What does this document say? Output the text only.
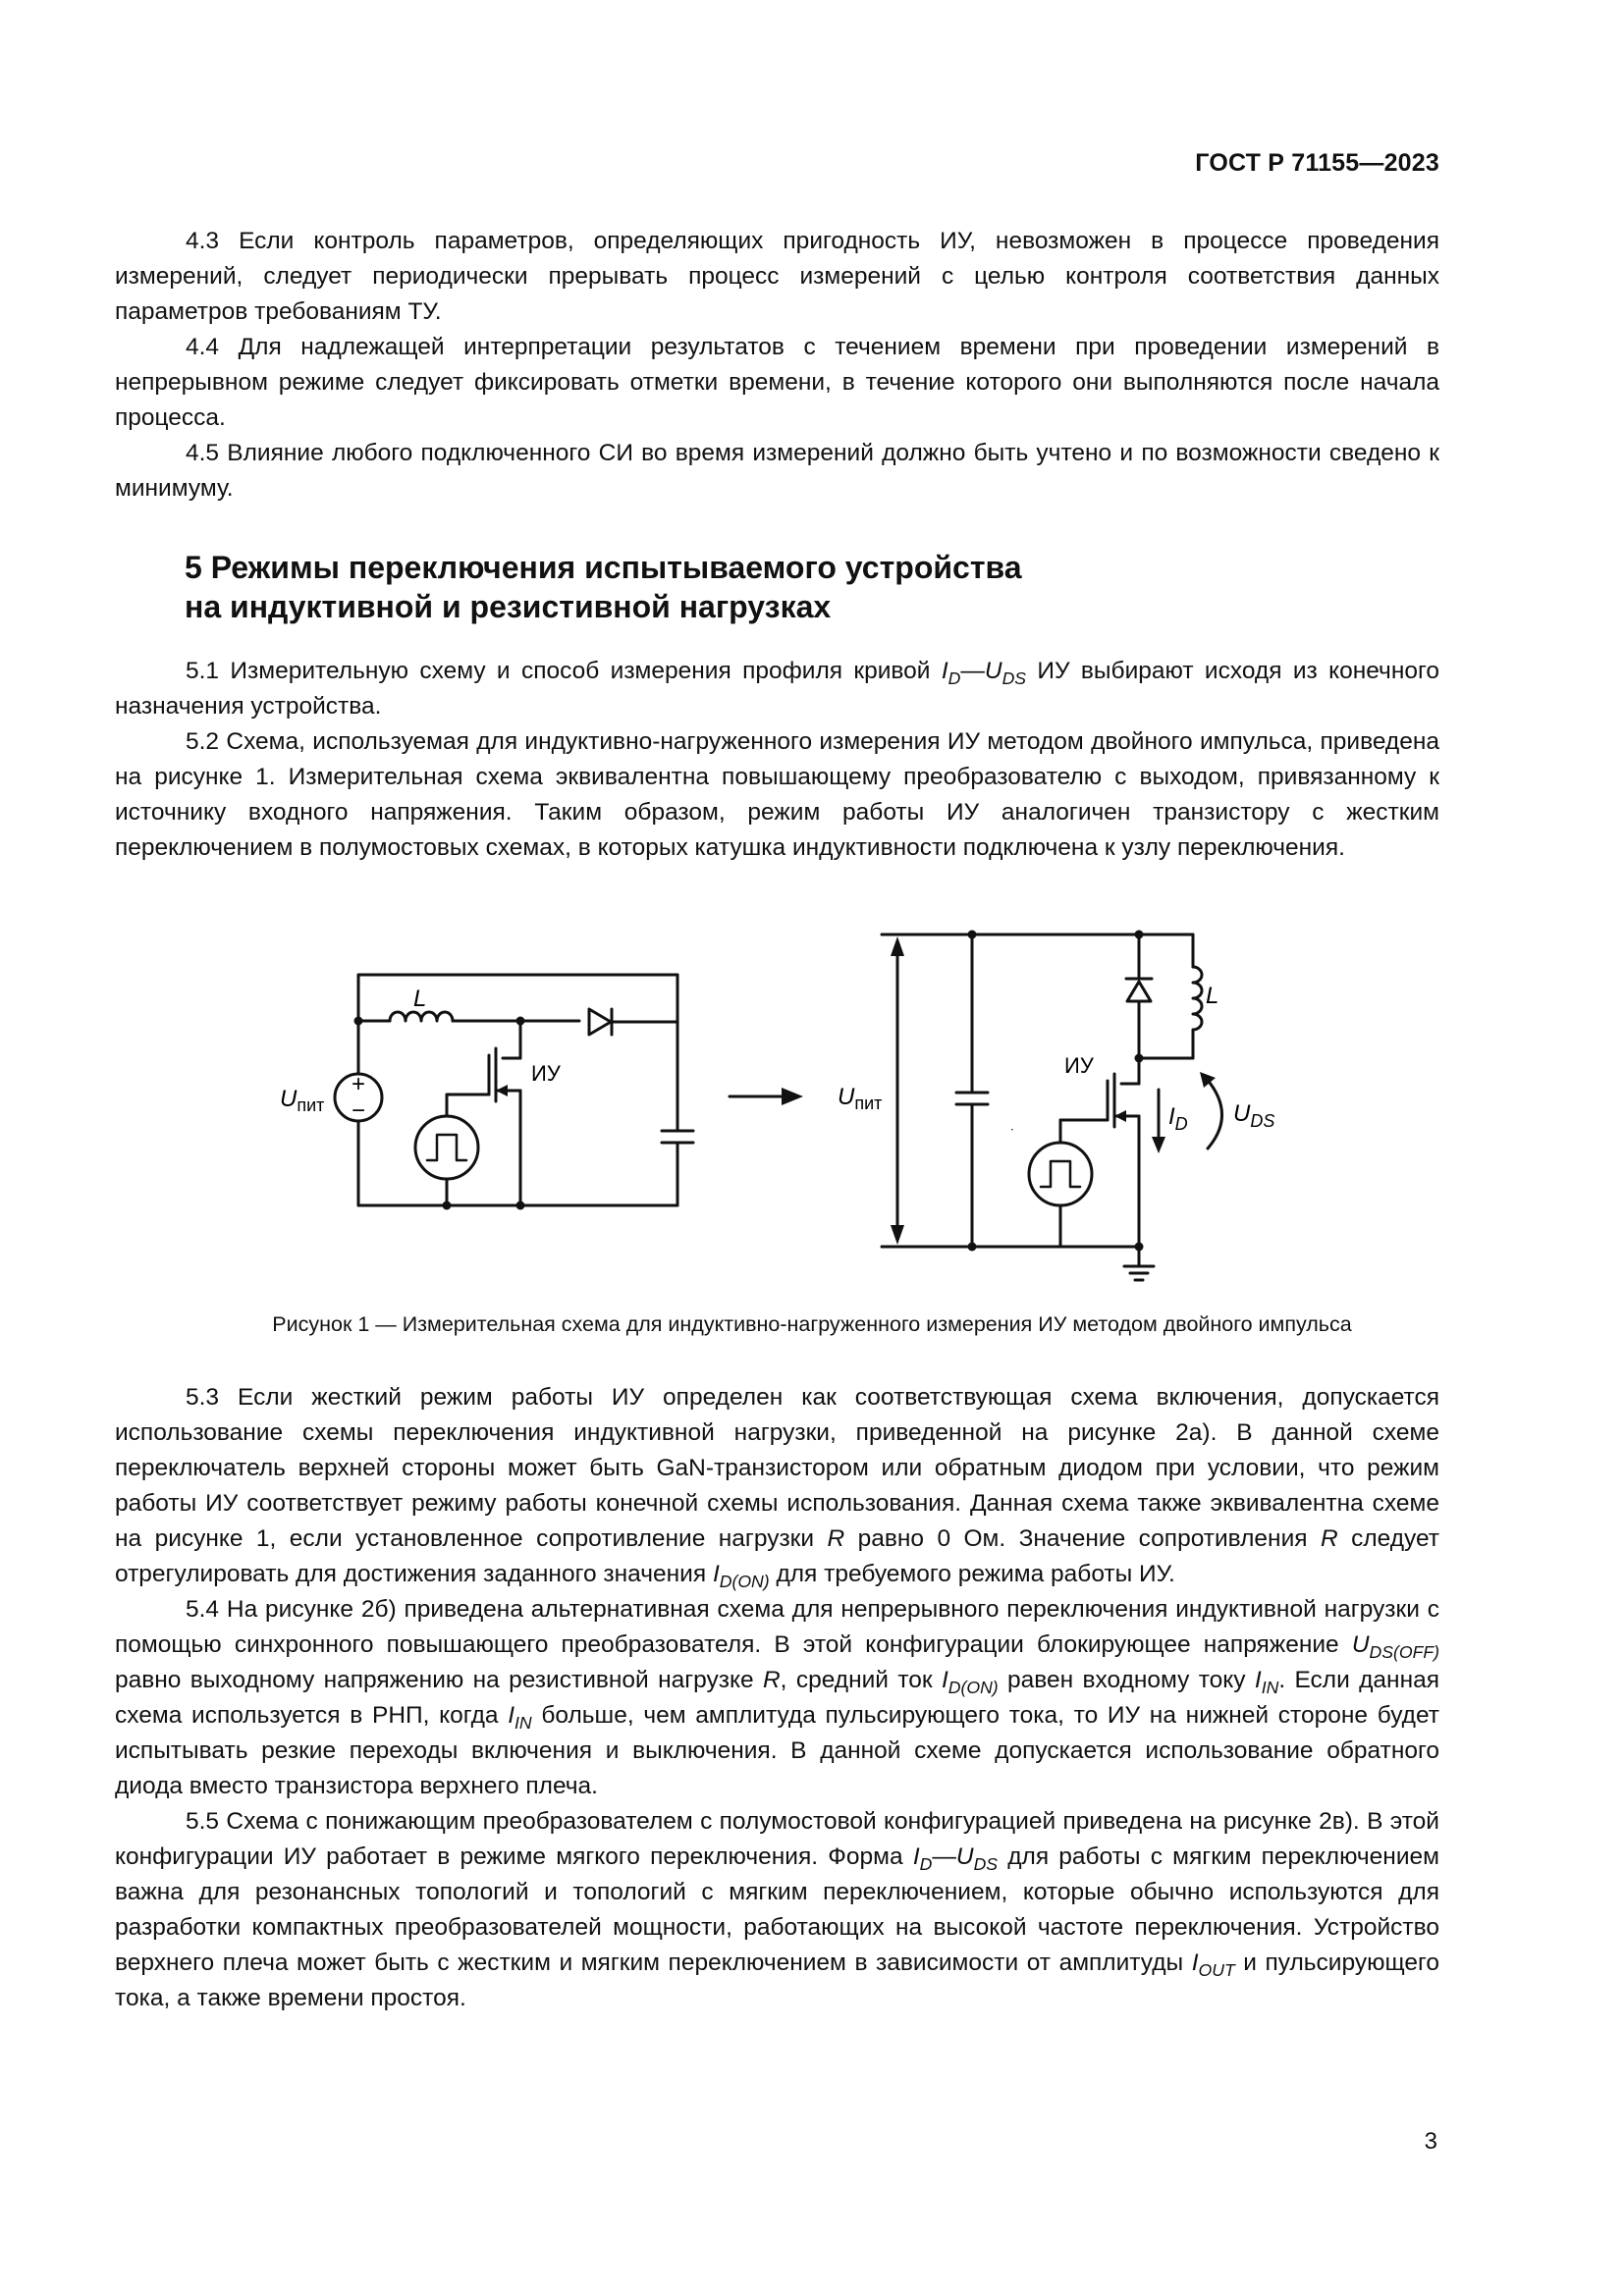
ГОСТ Р 71155—2023

4.3 Если контроль параметров, определяющих пригодность ИУ, невозможен в процессе проведения измерений, следует периодически прерывать процесс измерений с целью контроля соответствия данных параметров требованиям ТУ.

4.4 Для надлежащей интерпретации результатов с течением времени при проведении измерений в непрерывном режиме следует фиксировать отметки времени, в течение которого они выполняются после начала процесса.

4.5 Влияние любого подключенного СИ во время измерений должно быть учтено и по возможности сведено к минимуму.

5 Режимы переключения испытываемого устройства
на индуктивной и резистивной нагрузках

5.1 Измерительную схему и способ измерения профиля кривой $I_D—U_{DS}$ ИУ выбирают исходя из конечного назначения устройства.

5.2 Схема, используемая для индуктивно-нагруженного измерения ИУ методом двойного импульса, приведена на рисунке 1. Измерительная схема эквивалентна повышающему преобразователю с выходом, привязанному к источнику входного напряжения. Таким образом, режим работы ИУ аналогичен транзистору с жестким переключением в полумостовых схемах, в которых катушка индуктивности подключена к узлу переключения.

$U_{пит}$
+
−
L
ИУ
$U_{пит}$
ИУ
L
$I_D$ $U_{DS}$
Рисунок 1 — Измерительная схема для индуктивно-нагруженного измерения ИУ методом двойного импульса

5.3 Если жесткий режим работы ИУ определен как соответствующая схема включения, допускается использование схемы переключения индуктивной нагрузки, приведенной на рисунке 2а). В данной схеме переключатель верхней стороны может быть GaN-транзистором или обратным диодом при условии, что режим работы ИУ соответствует режиму работы конечной схемы использования. Данная схема также эквивалентна схеме на рисунке 1, если установленное сопротивление нагрузки R равно 0 Ом. Значение сопротивления R следует отрегулировать для достижения заданного значения $I_{D(ON)}$ для требуемого режима работы ИУ.

5.4 На рисунке 2б) приведена альтернативная схема для непрерывного переключения индуктивной нагрузки с помощью синхронного повышающего преобразователя. В этой конфигурации блокирующее напряжение $U_{DS(OFF)}$ равно выходному напряжению на резистивной нагрузке R, средний ток $I_{D(ON)}$ равен входному току $I_{IN}$. Если данная схема используется в РНП, когда $I_{IN}$ больше, чем амплитуда пульсирующего тока, то ИУ на нижней стороне будет испытывать резкие переходы включения и выключения. В данной схеме допускается использование обратного диода вместо транзистора верхнего плеча.

5.5 Схема с понижающим преобразователем с полумостовой конфигурацией приведена на рисунке 2в). В этой конфигурации ИУ работает в режиме мягкого переключения. Форма $I_D—U_{DS}$ для работы с мягким переключением важна для резонансных топологий и топологий с мягким переключением, которые обычно используются для разработки компактных преобразователей мощности, работающих на высокой частоте переключения. Устройство верхнего плеча может быть с жестким и мягким переключением в зависимости от амплитуды $I_{OUT}$ и пульсирующего тока, а также времени простоя.

3
